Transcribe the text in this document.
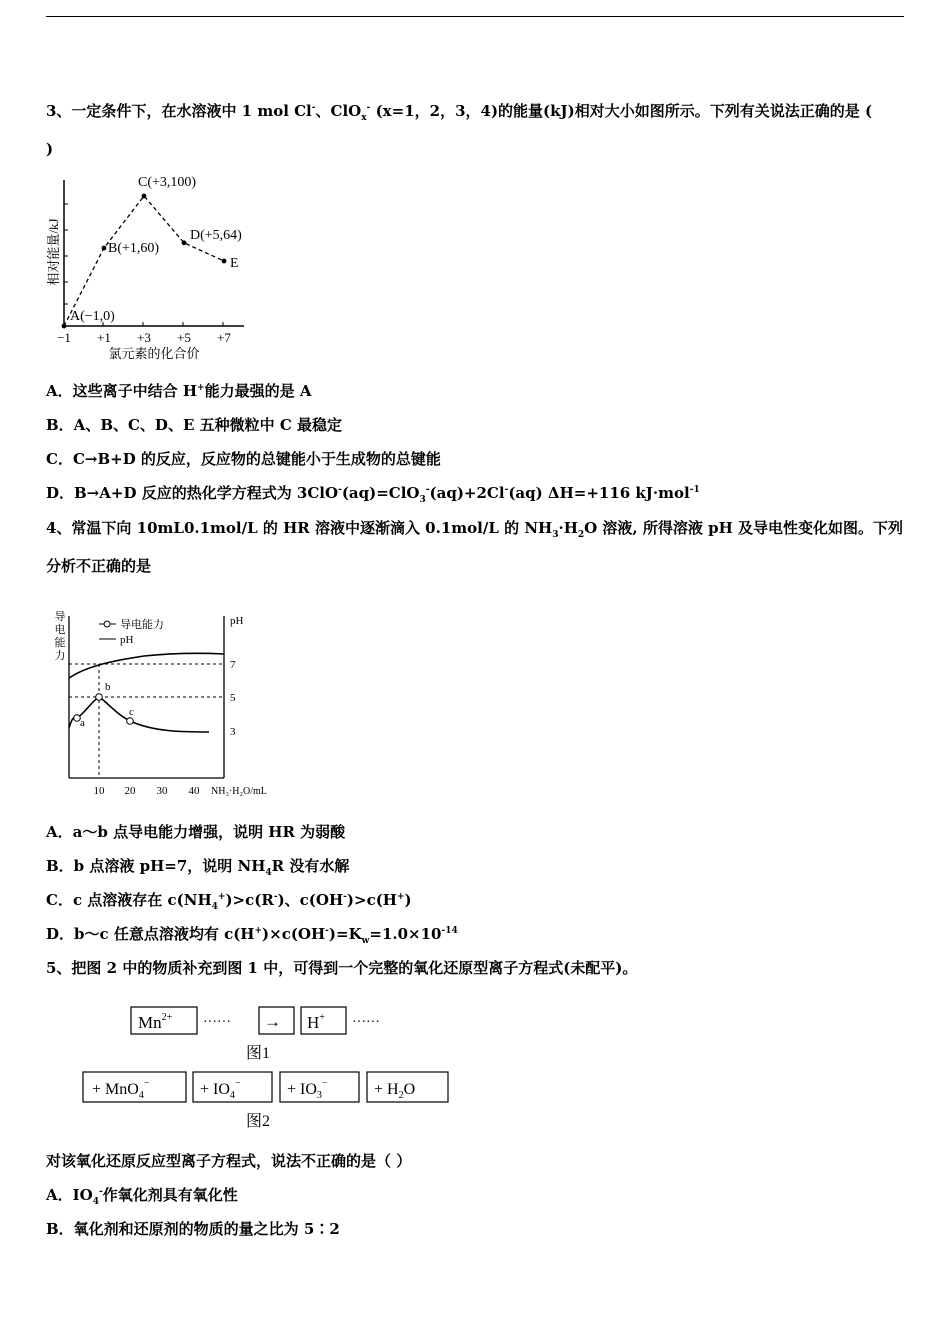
3、一定条件下，在水溶液中 1 mol Cl-、ClO$_x$- (x=1，2，3，4)的能量(kJ)相对大小如图所示。下列有关说法正确的是 (
)
相对能量/kJ
A(−1,0)
B(+1,60)
C(+3,100)
D(+5,64)
E
−1 +1 +3 +5 +7
氯元素的化合价
A．这些离子中结合 H+能力最强的是 A
B．A、B、C、D、E 五种微粒中 C 最稳定
C．C→B+D 的反应，反应物的总键能小于生成物的总键能
D．B→A+D 反应的热化学方程式为 3ClO-(aq)=ClO$_3$-(aq)+2Cl-(aq) ΔH=+116 kJ·mol$^{-1}$
4、常温下向 10mL0.1mol/L 的 HR 溶液中逐渐滴入 0.1mol/L 的 $NH_3\cdot H_2O$ 溶液, 所得溶液 pH 及导电性变化如图。下列
分析不正确的是
导电能力
pH
导电能力
pH
a
b
c
7
5
3
10 20 30 40 NH₃·H₂O/mL
A．a～b 点导电能力增强，说明 HR 为弱酸
B．b 点溶液 pH=7，说明 $NH_4R$ 没有水解
C．c 点溶液存在 $c(NH_4^+)>c(R^-)$、c(OH-)>c(H+)
D．b～c 任意点溶液均有 $c(H^+)\times c(OH^-)=K_w=1.0\times 10^{-14}$
5、把图 2 中的物质补充到图 1 中，可得到一个完整的氧化还原型离子方程式(未配平)。
$Mn^{2+}$ ······ → H+ ······
图1
+ MnO$_4$−	+ $IO_4^-$	+ $IO_3^-$	+ $H_2O$
图2
对该氧化还原反应型离子方程式，说法不正确的是（ ）
A．$IO_4^-$作氧化剂具有氧化性
B．氧化剂和还原剂的物质的量之比为 5∶2
